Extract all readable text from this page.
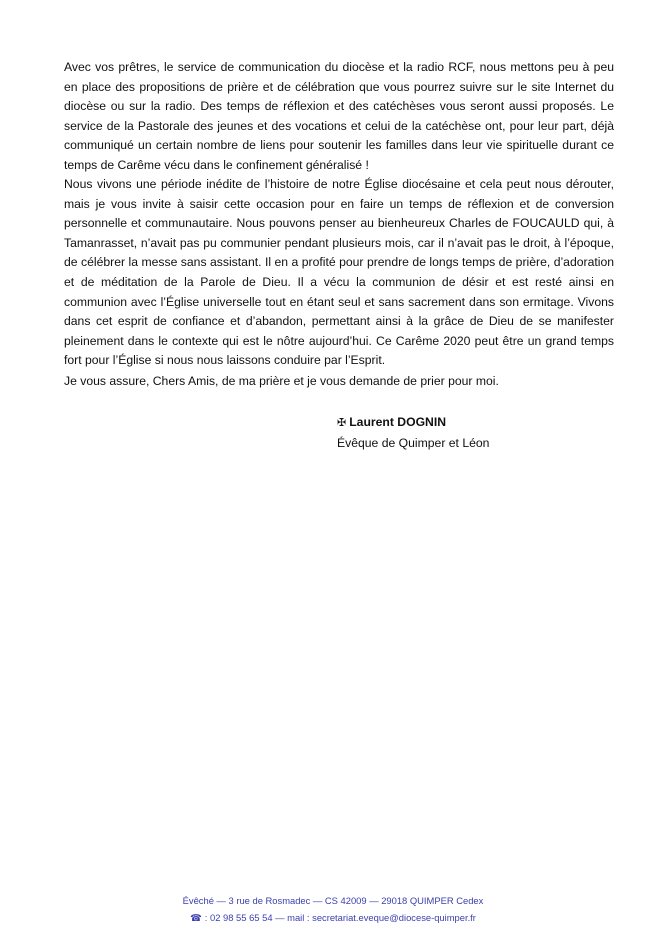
Avec vos prêtres, le service de communication du diocèse et la radio RCF, nous mettons peu à peu en place des propositions de prière et de célébration que vous pourrez suivre sur le site Internet du diocèse ou sur la radio. Des temps de réflexion et des catéchèses vous seront aussi proposés. Le service de la Pastorale des jeunes et des vocations et celui de la catéchèse ont, pour leur part, déjà communiqué un certain nombre de liens pour soutenir les familles dans leur vie spirituelle durant ce temps de Carême vécu dans le confinement généralisé !

Nous vivons une période inédite de l’histoire de notre Église diocésaine et cela peut nous dérouter, mais je vous invite à saisir cette occasion pour en faire un temps de réflexion et de conversion personnelle et communautaire. Nous pouvons penser au bienheureux Charles de FOUCAULD qui, à Tamanrasset, n’avait pas pu communier pendant plusieurs mois, car il n’avait pas le droit, à l’époque, de célébrer la messe sans assistant. Il en a profité pour prendre de longs temps de prière, d’adoration et de méditation de la Parole de Dieu. Il a vécu la communion de désir et est resté ainsi en communion avec l’Église universelle tout en étant seul et sans sacrement dans son ermitage. Vivons dans cet esprit de confiance et d’abandon, permettant ainsi à la grâce de Dieu de se manifester pleinement dans le contexte qui est le nôtre aujourd’hui. Ce Carême 2020 peut être un grand temps fort pour l’Église si nous nous laissons conduire par l’Esprit.

Je vous assure, Chers Amis, de ma prière et je vous demande de prier pour moi.

✠ Laurent DOGNIN
Évêque de Quimper et Léon
Évêché — 3 rue de Rosmadec — CS 42009 — 29018 QUIMPER Cedex
☎ : 02 98 55 65 54 — mail : secretariat.eveque@diocese-quimper.fr
